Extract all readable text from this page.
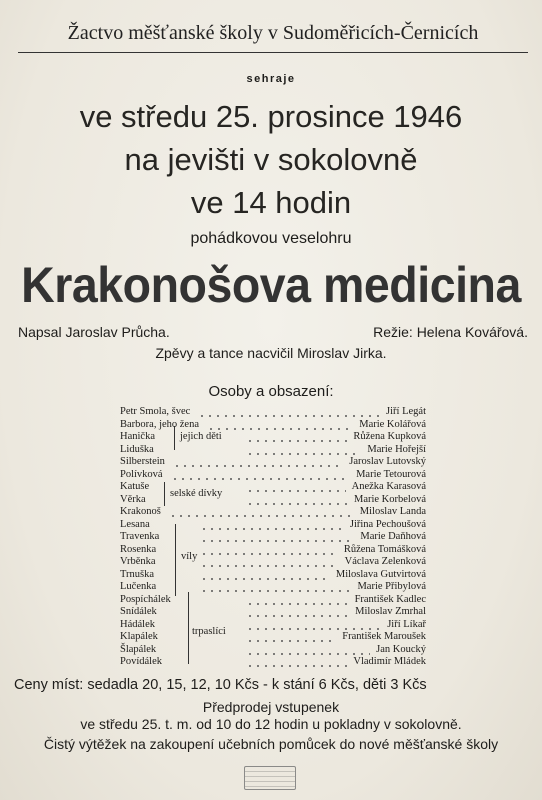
Žactvo měšťanské školy v Sudoměřicích-Černicích
sehraje
ve středu 25. prosince 1946
na jevišti v sokolovně
ve 14 hodin
pohádkovou veselohru
Krakonošova medicina
Napsal Jaroslav Průcha.	Režie: Helena Kovářová.
Zpěvy a tance nacvičil Miroslav Jirka.
Osoby a obsazení:
jejich děti
selské dívky
víly
trpaslíci
Petr Smola, švec	Jiří Legát
Barbora, jeho žena	Marie Kolářová
Hanička	Růžena Kupková
Liduška	Marie Hořejší
Silberstein	Jaroslav Lutovský
Polívková	Marie Tetourová
Katuše	Anežka Karasová
Věrka	Marie Korbelová
Krakonoš	Miloslav Landa
Lesana	Jiřina Pechoušová
Travenka	Marie Daňhová
Rosenka	Růžena Tomášková
Vrběnka	Václava Zelenková
Trnuška	Miloslava Gutvirtová
Lučenka	Marie Přibylová
Pospíchálek	František Kadlec
Snídálek	Miloslav Zmrhal
Hádálek	Jiří Líkař
Klapálek	František Maroušek
Šlapálek	Jan Koucký
Povídálek	Vladimír Mládek
Ceny míst: sedadla 20, 15, 12, 10 Kčs - k stání 6 Kčs, děti 3 Kčs
Předprodej vstupenek
ve středu 25. t. m. od 10 do 12 hodin u pokladny v sokolovně.
Čistý výtěžek na zakoupení učebních pomůcek do nové měšťanské školy
